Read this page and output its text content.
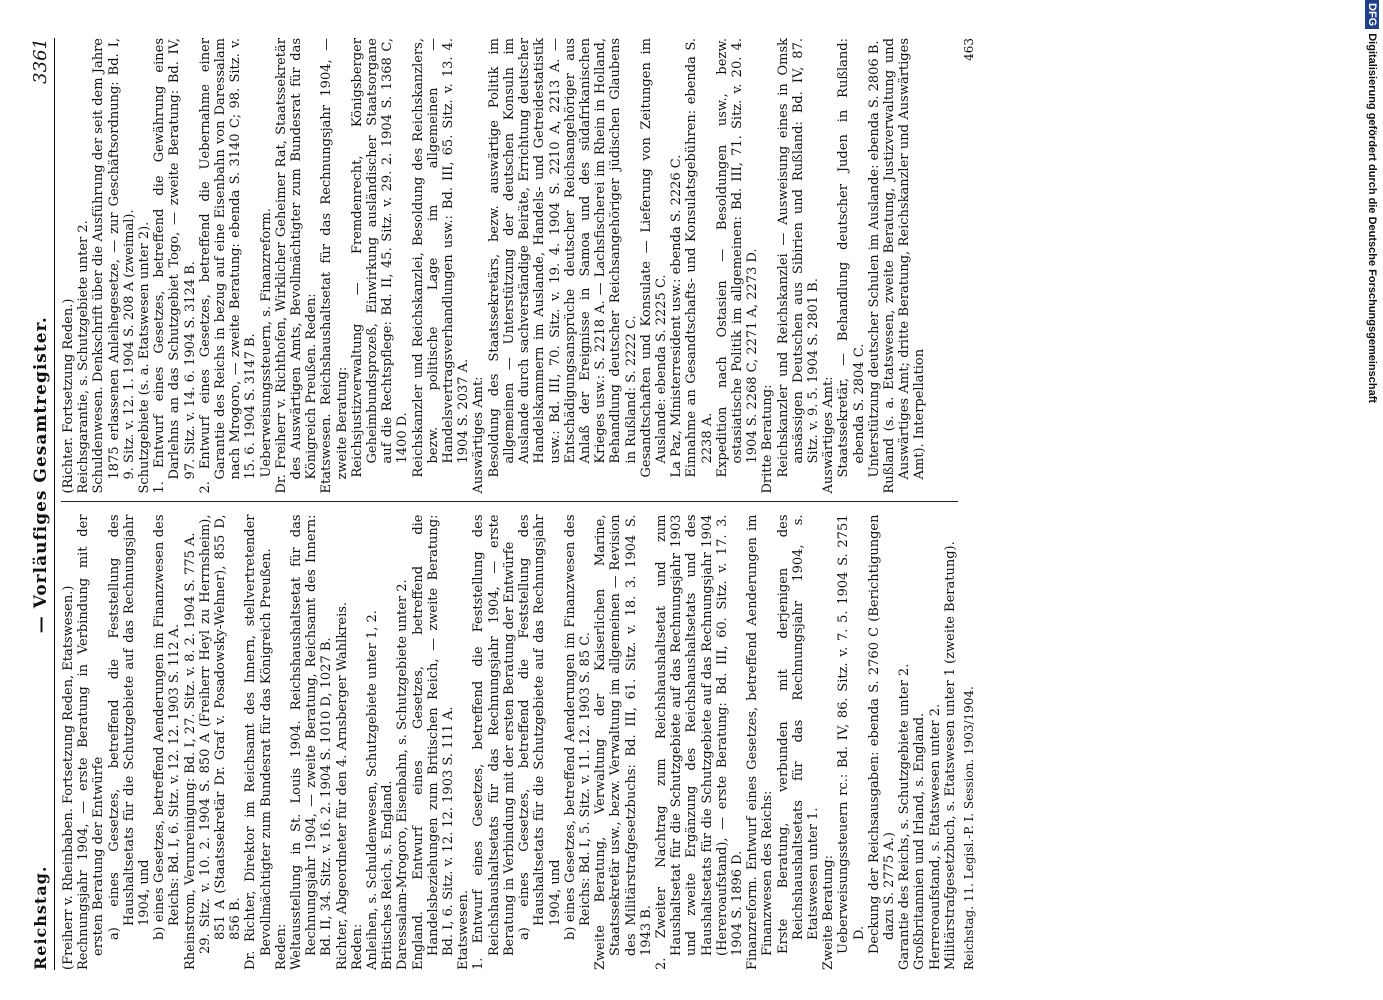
Reichstag.
— Vorläufiges Gesamtregister.
3361

(Freiherr v. Rheinbaben. Fortsetzung Reden, Etatswesen.) Rechnungsjahr 1904, — erste Beratung in Verbindung mit der ersten Beratung der Entwürfe a) eines Gesetzes, betreffend die Feststellung des Haushaltsetats für die Schutzgebiete auf das Rechnungsjahr 1904, und b) eines Gesetzes, betreffend Aenderungen im Finanzwesen des Reichs: Bd. I, 6. Sitz. v. 12. 12. 1903 S. 112 A. Rheinstrom, Verunreinigung: Bd. I, 27. Sitz. v. 8. 2. 1904 S. 775 A. 29. Sitz. v. 10. 2. 1904 S. 850 A (Freiherr Heyl zu Herrnsheim), 851 A (Staatssekretär Dr. Graf v. Posadowsky-Wehner), 855 D, 856 B. Dr. Richter, Direktor im Reichsamt des Innern, stellvertretender Bevollmächtigter zum Bundesrat für das Königreich Preußen. Reden: Weltausstellung in St. Louis 1904. Reichshaushaltsetat für das Rechnungsjahr 1904, — zweite Beratung, Reichsamt des Innern: Bd. II, 34. Sitz. v. 16. 2. 1904 S. 1010 D, 1027 B. Richter, Abgeordneter für den 4. Arnsberger Wahlkreis. Reden: Anleihen, s. Schuldenwesen, Schutzgebiete unter 1, 2. Britisches Reich, s. England. Daressalam-Mrogoro, Eisenbahn, s. Schutzgebiete unter 2. England. Entwurf eines Gesetzes, betreffend die Handelsbeziehungen zum Britischen Reich, — zweite Beratung: Bd. I, 6. Sitz. v. 12. 12. 1903 S. 111 A. Etatswesen. 1. Entwurf eines Gesetzes, betreffend die Feststellung des Reichshaushaltsetats für das Rechnungsjahr 1904, — erste Beratung in Verbindung mit der ersten Beratung der Entwürfe a) eines Gesetzes, betreffend die Feststellung des Haushaltsetats für die Schutzgebiete auf das Rechnungsjahr 1904, und b) eines Gesetzes, betreffend Aenderungen im Finanzwesen des Reichs: Bd. I, 5. Sitz. v. 11. 12. 1903 S. 85 C. Zweite Beratung, Verwaltung der Kaiserlichen Marine, Staatssekretär usw., bezw. Verwaltung im allgemeinen — Revision des Militärstrafgesetzbuchs: Bd. III, 61. Sitz. v. 18. 3. 1904 S. 1943 B. 2. Zweiter Nachtrag zum Reichshaushaltsetat und zum Haushaltsetat für die Schutzgebiete auf das Rechnungsjahr 1903 und zweite Ergänzung des Reichshaushaltsetats und des Haushaltsetats für die Schutzgebiete auf das Rechnungsjahr 1904 (Hereroaufstand), — erste Beratung: Bd. III, 60. Sitz. v. 17. 3. 1904 S. 1896 D. Finanzreform. Entwurf eines Gesetzes, betreffend Aenderungen im Finanzwesen des Reichs: Erste Beratung, verbunden mit derjenigen des Reichshaushaltsetats für das Rechnungsjahr 1904, s. Etatswesen unter 1. Zweite Beratung: Ueberweisungssteuern rc.: Bd. IV, 86. Sitz. v. 7. 5. 1904 S. 2751 D. Deckung der Reichsausgaben: ebenda S. 2760 C (Berichtigungen dazu S. 2775 A.) Garantie des Reichs, s. Schutzgebiete unter 2. Großbritannien und Irland, s. England. Herreroaufstand, s. Etatswesen unter 2. Militärstrafgesetzbuch, s. Etatswesen unter 1 (zweite Beratung).

(Richter. Fortsetzung Reden.) Reichsgarantie, s. Schutzgebiete unter 2. Schuldenwesen. Denkschrift über die Ausführung der seit dem Jahre 1875 erlassenen Anleihegesetze, — zur Geschäftsordnung: Bd. I, 9. Sitz. v. 12. 1. 1904 S. 208 A (zweimal). Schutzgebiete (s. a. Etatswesen unter 2). 1. Entwurf eines Gesetzes, betreffend die Gewährung eines Darlehns an das Schutzgebiet Togo, — zweite Beratung: Bd. IV, 97. Sitz. v. 14. 6. 1904 S. 3124 B. 2. Entwurf eines Gesetzes, betreffend die Uebernahme einer Garantie des Reichs in bezug auf eine Eisenbahn von Daressalam nach Mrogoro, — zweite Beratung: ebenda S. 3140 C; 98. Sitz. v. 15. 6. 1904 S. 3147 B. Ueberweisungssteuern, s. Finanzreform. Dr. Freiherr v. Richthofen, Wirklicher Geheimer Rat, Staatssekretär des Auswärtigen Amts, Bevollmächtigter zum Bundesrat für das Königreich Preußen. Reden: Etatswesen. Reichshaushaltsetat für das Rechnungsjahr 1904, — zweite Beratung: Reichsjustizverwaltung — Fremdenrecht, Königsberger Geheimbundsprozeß, Einwirkung ausländischer Staatsorgane auf die Rechtspflege: Bd. II, 45. Sitz. v. 29. 2. 1904 S. 1368 C, 1400 D. Reichskanzler und Reichskanzlei, Besoldung des Reichskanzlers, bezw. politische Lage im allgemeinen — Handelsvertragsverhandlungen usw.: Bd. III, 65. Sitz. v. 13. 4. 1904 S. 2037 A. Auswärtiges Amt: Besoldung des Staatssekretärs, bezw. auswärtige Politik im allgemeinen — Unterstützung der deutschen Konsuln im Auslande durch sachverständige Beiräte, Errichtung deutscher Handelskammern im Auslande, Handels- und Getreidestatistik usw.: Bd. III, 70. Sitz. v. 19. 4. 1904 S. 2210 A, 2213 A. — Entschädigungsansprüche deutscher Reichsangehöriger aus Anlaß der Ereignisse in Samoa und des südafrikanischen Krieges usw.: S. 2218 A. — Lachsfischerei im Rhein in Holland, Behandlung deutscher Reichsangehöriger jüdischen Glaubens in Rußland: S. 2222 C. Gesandtschaften und Konsulate — Lieferung von Zeitungen im Auslande: ebenda S. 2225 C. La Paz, Ministerresident usw.: ebenda S. 2226 C. Einnahme an Gesandtschafts- und Konsulatsgebühren: ebenda S. 2238 A. Expedition nach Ostasien — Besoldungen usw., bezw. ostasiatische Politik im allgemeinen: Bd. III, 71. Sitz. v. 20. 4. 1904 S. 2268 C, 2271 A, 2273 D. Dritte Beratung: Reichskanzler und Reichskanzlei — Ausweisung eines in Omsk ansässigen Deutschen aus Sibirien und Rußland: Bd. IV, 87. Sitz. v. 9. 5. 1904 S. 2801 B. Auswärtiges Amt: Staatssekretär, — Behandlung deutscher Juden in Rußland: ebenda S. 2804 C. Unterstützung deutscher Schulen im Auslande: ebenda S. 2806 B. Rußland (s. a. Etatswesen, zweite Beratung, Justizverwaltung und Auswärtiges Amt; dritte Beratung, Reichskanzler und Auswärtiges Amt). Interpellation

Reichstag. 11. Legisl.-P. I. Session. 1903/1904.
463
DFGDigitalisierung gefördert durch die Deutsche Forschungsgemeinschaft
